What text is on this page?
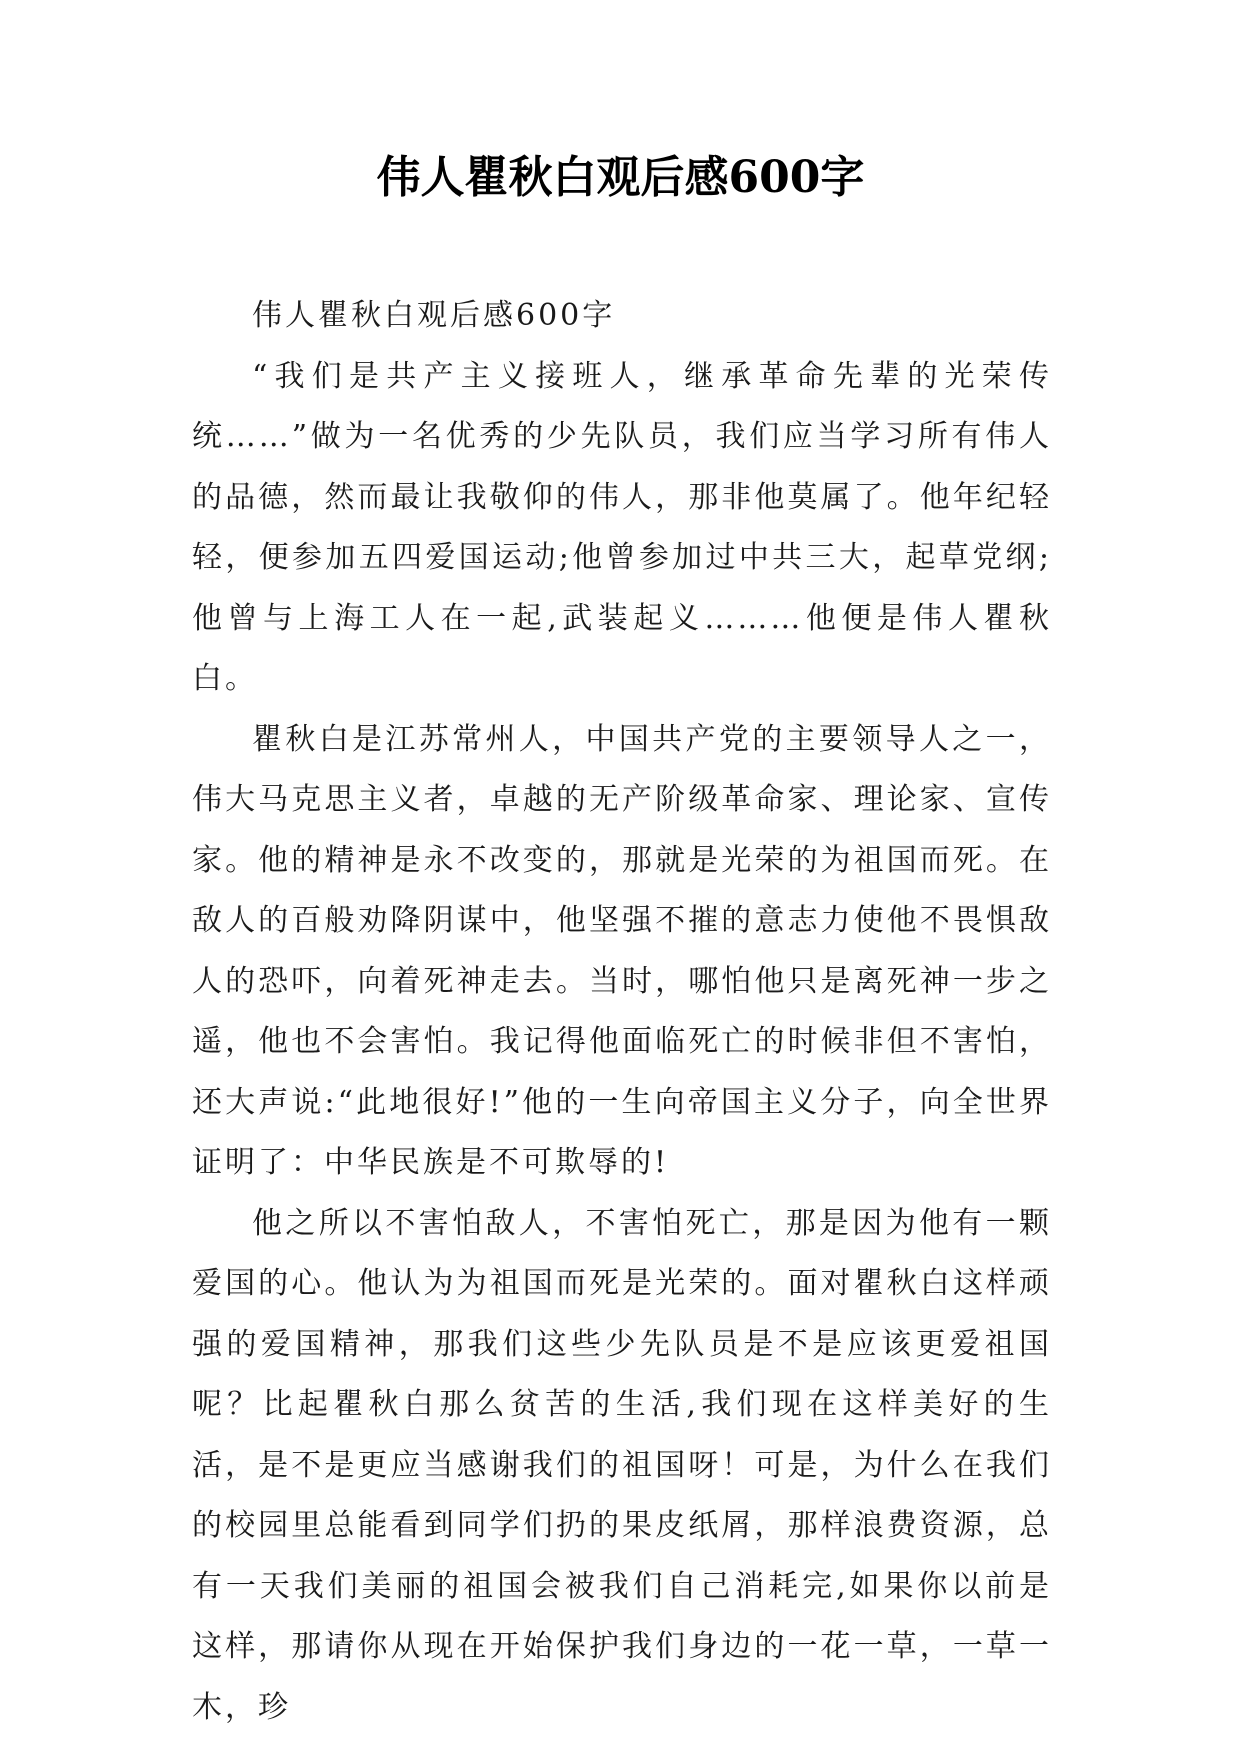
伟人瞿秋白观后感600字

伟人瞿秋白观后感600字

“我们是共产主义接班人，继承革命先辈的光荣传统……”做为一名优秀的少先队员，我们应当学习所有伟人的品德，然而最让我敬仰的伟人，那非他莫属了。他年纪轻轻，便参加五四爱国运动;他曾参加过中共三大，起草党纲;他曾与上海工人在一起,武装起义………他便是伟人瞿秋白。

瞿秋白是江苏常州人，中国共产党的主要领导人之一，伟大马克思主义者，卓越的无产阶级革命家、理论家、宣传家。他的精神是永不改变的，那就是光荣的为祖国而死。在敌人的百般劝降阴谋中，他坚强不摧的意志力使他不畏惧敌人的恐吓，向着死神走去。当时，哪怕他只是离死神一步之遥，他也不会害怕。我记得他面临死亡的时候非但不害怕，还大声说:“此地很好!”他的一生向帝国主义分子，向全世界证明了：中华民族是不可欺辱的!

他之所以不害怕敌人，不害怕死亡，那是因为他有一颗爱国的心。他认为为祖国而死是光荣的。面对瞿秋白这样顽强的爱国精神，那我们这些少先队员是不是应该更爱祖国呢？比起瞿秋白那么贫苦的生活,我们现在这样美好的生活，是不是更应当感谢我们的祖国呀！可是，为什么在我们的校园里总能看到同学们扔的果皮纸屑，那样浪费资源，总有一天我们美丽的祖国会被我们自己消耗完,如果你以前是这样，那请你从现在开始保护我们身边的一花一草，一草一木，珍
